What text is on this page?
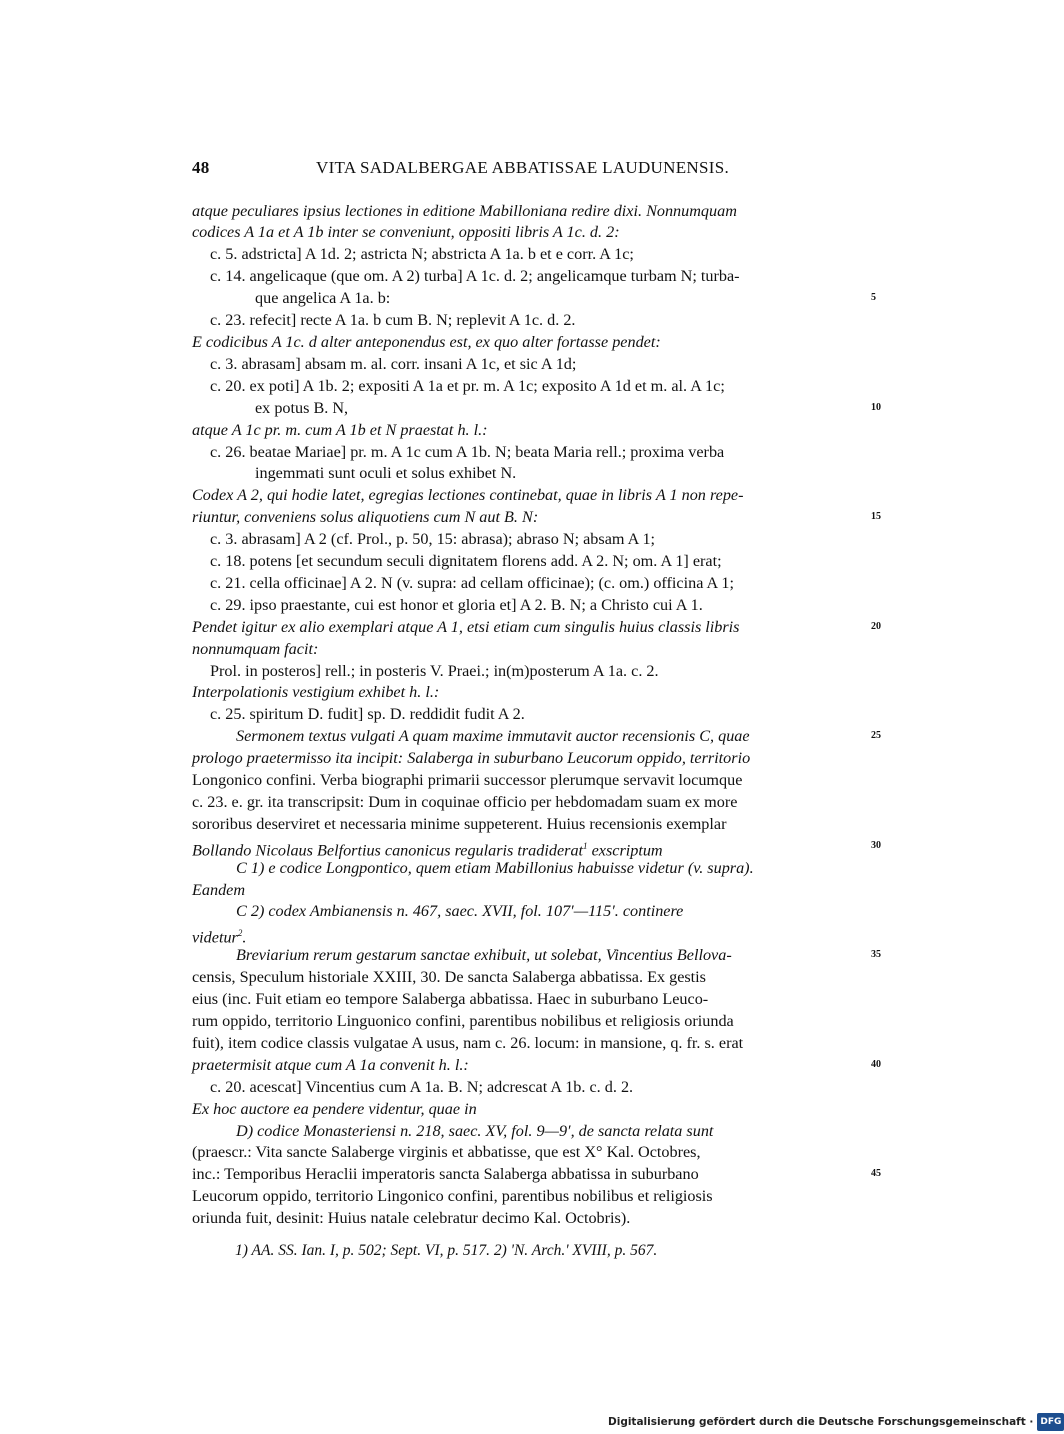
48	VITA SADALBERGAE ABBATISSAE LAUDUNENSIS.
atque peculiares ipsius lectiones in editione Mabilloniana redire dixi. Nonnumquam
codices A 1a et A 1b inter se conveniunt, oppositi libris A 1c. d. 2:
c. 5. adstricta] A 1d. 2; astricta N; abstricta A 1a. b et e corr. A 1c;
c. 14. angelicaque (que om. A 2) turba] A 1c. d. 2; angelicamque turbam N; turba-
que angelica A 1a. b:
c. 23. refecit] recte A 1a. b cum B. N; replevit A 1c. d. 2.
E codicibus A 1c. d alter anteponendus est, ex quo alter fortasse pendet:
c. 3. abrasam] absam m. al. corr. insani A 1c, et sic A 1d;
c. 20. ex poti] A 1b. 2; expositi A 1a et pr. m. A 1c; exposito A 1d et m. al. A 1c;
ex potus B. N,
atque A 1c pr. m. cum A 1b et N praestat h. l.:
c. 26. beatae Mariae] pr. m. A 1c cum A 1b. N; beata Maria rell.; proxima verba
ingemmati sunt oculi et solus exhibet N.
Codex A 2, qui hodie latet, egregias lectiones continebat, quae in libris A 1 non repe-
riuntur, conveniens solus aliquotiens cum N aut B. N:
c. 3. abrasam] A 2 (cf. Prol., p. 50, 15: abrasa); abraso N; absam A 1;
c. 18. potens [et secundum seculi dignitatem florens add. A 2. N; om. A 1] erat;
c. 21. cella officinae] A 2. N (v. supra: ad cellam officinae); (c. om.) officina A 1;
c. 29. ipso praestante, cui est honor et gloria et] A 2. B. N; a Christo cui A 1.
Pendet igitur ex alio exemplari atque A 1, etsi etiam cum singulis huius classis libris
nonnumquam facit:
Prol. in posteros] rell.; in posteris V. Praei.; in(m)posterum A 1a. c. 2.
Interpolationis vestigium exhibet h. l.:
c. 25. spiritum D. fudit] sp. D. reddidit fudit A 2.
Sermonem textus vulgati A quam maxime immutavit auctor recensionis C, quae
prologo praetermisso ita incipit: Salaberga in suburbano Leucorum oppido, territorio
Longonico confini. Verba biographi primarii successor plerumque servavit locumque
c. 23. e. gr. ita transcripsit: Dum in coquinae officio per hebdomadam suam ex more
sororibus deserviret et necessaria minime suppeterent. Huius recensionis exemplar
Bollando Nicolaus Belfortius canonicus regularis tradiderat$^1$ exscriptum
C 1) e codice Longpontico, quem etiam Mabillonius habuisse videtur (v. supra).
Eandem
C 2) codex Ambianensis n. 467, saec. XVII, fol. 107′—115′. continere
videtur$^2$.
Breviarium rerum gestarum sanctae exhibuit, ut solebat, Vincentius Bellova-
censis, Speculum historiale XXIII, 30. De sancta Salaberga abbatissa. Ex gestis
eius (inc. Fuit etiam eo tempore Salaberga abbatissa. Haec in suburbano Leuco-
rum oppido, territorio Linguonico confini, parentibus nobilibus et religiosis oriunda
fuit), item codice classis vulgatae A usus, nam c. 26. locum: in mansione, q. fr. s. erat
praetermisit atque cum A 1a convenit h. l.:
c. 20. acescat] Vincentius cum A 1a. B. N; adcrescat A 1b. c. d. 2.
Ex hoc auctore ea pendere videntur, quae in
D) codice Monasteriensi n. 218, saec. XV, fol. 9—9′, de sancta relata sunt
(praescr.: Vita sancte Salaberge virginis et abbatisse, que est X° Kal. Octobres,
inc.: Temporibus Heraclii imperatoris sancta Salaberga abbatissa in suburbano
Leucorum oppido, territorio Lingonico confini, parentibus nobilibus et religiosis
oriunda fuit, desinit: Huius natale celebratur decimo Kal. Octobris).
5
10
15
20
25
30
35
40
45
1) AA. SS. Ian. I, p. 502; Sept. VI, p. 517. 2) 'N. Arch.' XVIII, p. 567.
Digitalisierung gefördert durch die Deutsche Forschungsgemeinschaft · DFG
